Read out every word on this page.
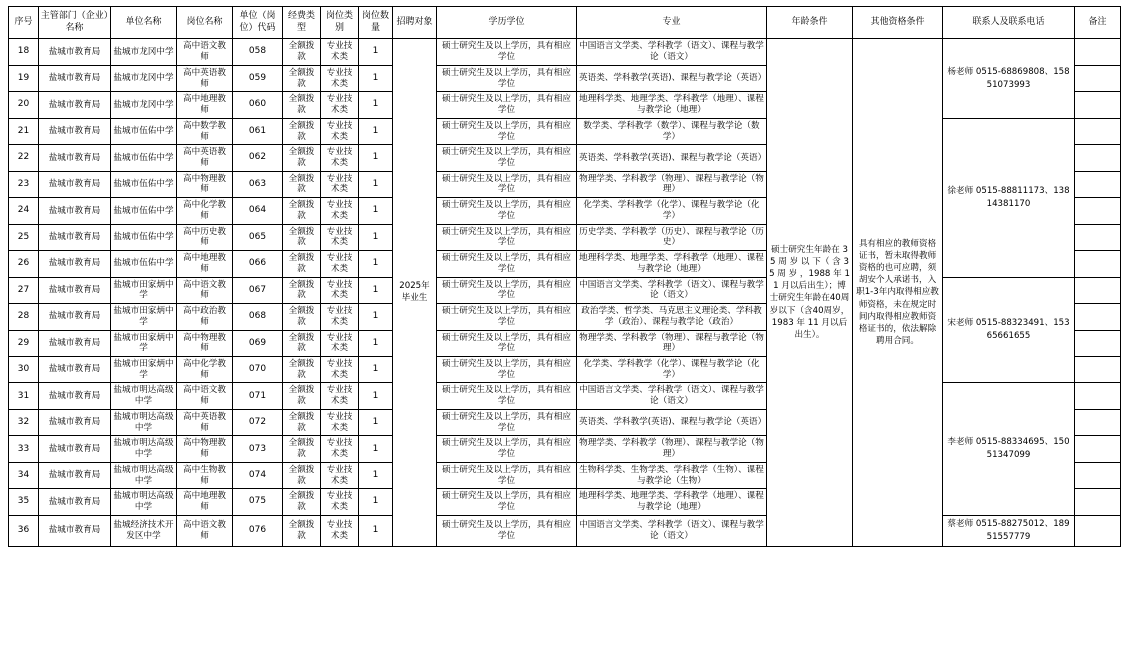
序号	主管部门（企业）名称	单位名称	岗位名称	单位（岗位）代码	经费类型	岗位类别	岗位数量	招聘对象	学历学位	专业	年龄条件	其他资格条件	联系人及联系电话	备注
18	盐城市教育局	盐城市龙冈中学	高中语文教师	058	全额拨款	专业技术类	1	2025年毕业生	硕士研究生及以上学历，具有相应学位	中国语言文学类、学科教学（语文）、课程与教学论（语文）	硕士研究生年龄在 35 周 岁 以 下（ 含 35 周 岁 ，1988 年 11 月以后出生）；博士研究生年龄在40周岁以下（含40周岁，1983 年 11 月以后出生）。	具有相应的教师资格证书，暂未取得教师资格的也可应聘，须胡安个人承诺书，入职1-3年内取得相应教师资格，未在规定时间内取得相应教师资格证书的，依法解除聘用合同。	杨老师 0515-68869808、15851073993	
19	盐城市教育局	盐城市龙冈中学	高中英语教师	059	全额拨款	专业技术类	1		硕士研究生及以上学历，具有相应学位	英语类、学科教学(英语)、课程与教学论（英语）				
20	盐城市教育局	盐城市龙冈中学	高中地理教师	060	全额拨款	专业技术类	1		硕士研究生及以上学历，具有相应学位	地理科学类、地理学类、学科教学（地理）、课程与教学论（地理）				
21	盐城市教育局	盐城市伍佑中学	高中数学教师	061	全额拨款	专业技术类	1		硕士研究生及以上学历，具有相应学位	数学类、学科教学（数学）、课程与教学论（数学）			徐老师 0515-88811173、13814381170	
22	盐城市教育局	盐城市伍佑中学	高中英语教师	062	全额拨款	专业技术类	1		硕士研究生及以上学历，具有相应学位	英语类、学科教学(英语)、课程与教学论（英语）				
23	盐城市教育局	盐城市伍佑中学	高中物理教师	063	全额拨款	专业技术类	1		硕士研究生及以上学历，具有相应学位	物理学类、学科教学（物理）、课程与教学论（物理）				
24	盐城市教育局	盐城市伍佑中学	高中化学教师	064	全额拨款	专业技术类	1		硕士研究生及以上学历，具有相应学位	化学类、学科教学（化学）、课程与教学论（化学）				
25	盐城市教育局	盐城市伍佑中学	高中历史教师	065	全额拨款	专业技术类	1		硕士研究生及以上学历，具有相应学位	历史学类、学科教学（历史）、课程与教学论（历史）				
26	盐城市教育局	盐城市伍佑中学	高中地理教师	066	全额拨款	专业技术类	1		硕士研究生及以上学历，具有相应学位	地理科学类、地理学类、学科教学（地理）、课程与教学论（地理）				
27	盐城市教育局	盐城市田家炳中学	高中语文教师	067	全额拨款	专业技术类	1		硕士研究生及以上学历，具有相应学位	中国语言文学类、学科教学（语文）、课程与教学论（语文）			宋老师 0515-88323491、15365661655	
28	盐城市教育局	盐城市田家炳中学	高中政治教师	068	全额拨款	专业技术类	1		硕士研究生及以上学历，具有相应学位	政治学类、哲学类、马克思主义理论类、学科教学（政治）、课程与教学论（政治）				
29	盐城市教育局	盐城市田家炳中学	高中物理教师	069	全额拨款	专业技术类	1		硕士研究生及以上学历，具有相应学位	物理学类、学科教学（物理）、课程与教学论（物理）				
30	盐城市教育局	盐城市田家炳中学	高中化学教师	070	全额拨款	专业技术类	1		硕士研究生及以上学历，具有相应学位	化学类、学科教学（化学）、课程与教学论（化学）				
31	盐城市教育局	盐城市明达高级中学	高中语文教师	071	全额拨款	专业技术类	1		硕士研究生及以上学历，具有相应学位	中国语言文学类、学科教学（语文）、课程与教学论（语文）			李老师 0515-88334695、15051347099	
32	盐城市教育局	盐城市明达高级中学	高中英语教师	072	全额拨款	专业技术类	1		硕士研究生及以上学历，具有相应学位	英语类、学科教学(英语)、课程与教学论（英语）				
33	盐城市教育局	盐城市明达高级中学	高中物理教师	073	全额拨款	专业技术类	1		硕士研究生及以上学历，具有相应学位	物理学类、学科教学（物理）、课程与教学论（物理）				
34	盐城市教育局	盐城市明达高级中学	高中生物教师	074	全额拨款	专业技术类	1		硕士研究生及以上学历，具有相应学位	生物科学类、生物学类、学科教学（生物）、课程与教学论（生物）				
35	盐城市教育局	盐城市明达高级中学	高中地理教师	075	全额拨款	专业技术类	1		硕士研究生及以上学历，具有相应学位	地理科学类、地理学类、学科教学（地理）、课程与教学论（地理）				
36	盐城市教育局	盐城经济技术开发区中学	高中语文教师	076	全额拨款	专业技术类	1		硕士研究生及以上学历，具有相应学位	中国语言文学类、学科教学（语文）、课程与教学论（语文）			蔡老师 0515-88275012、18951557779	
